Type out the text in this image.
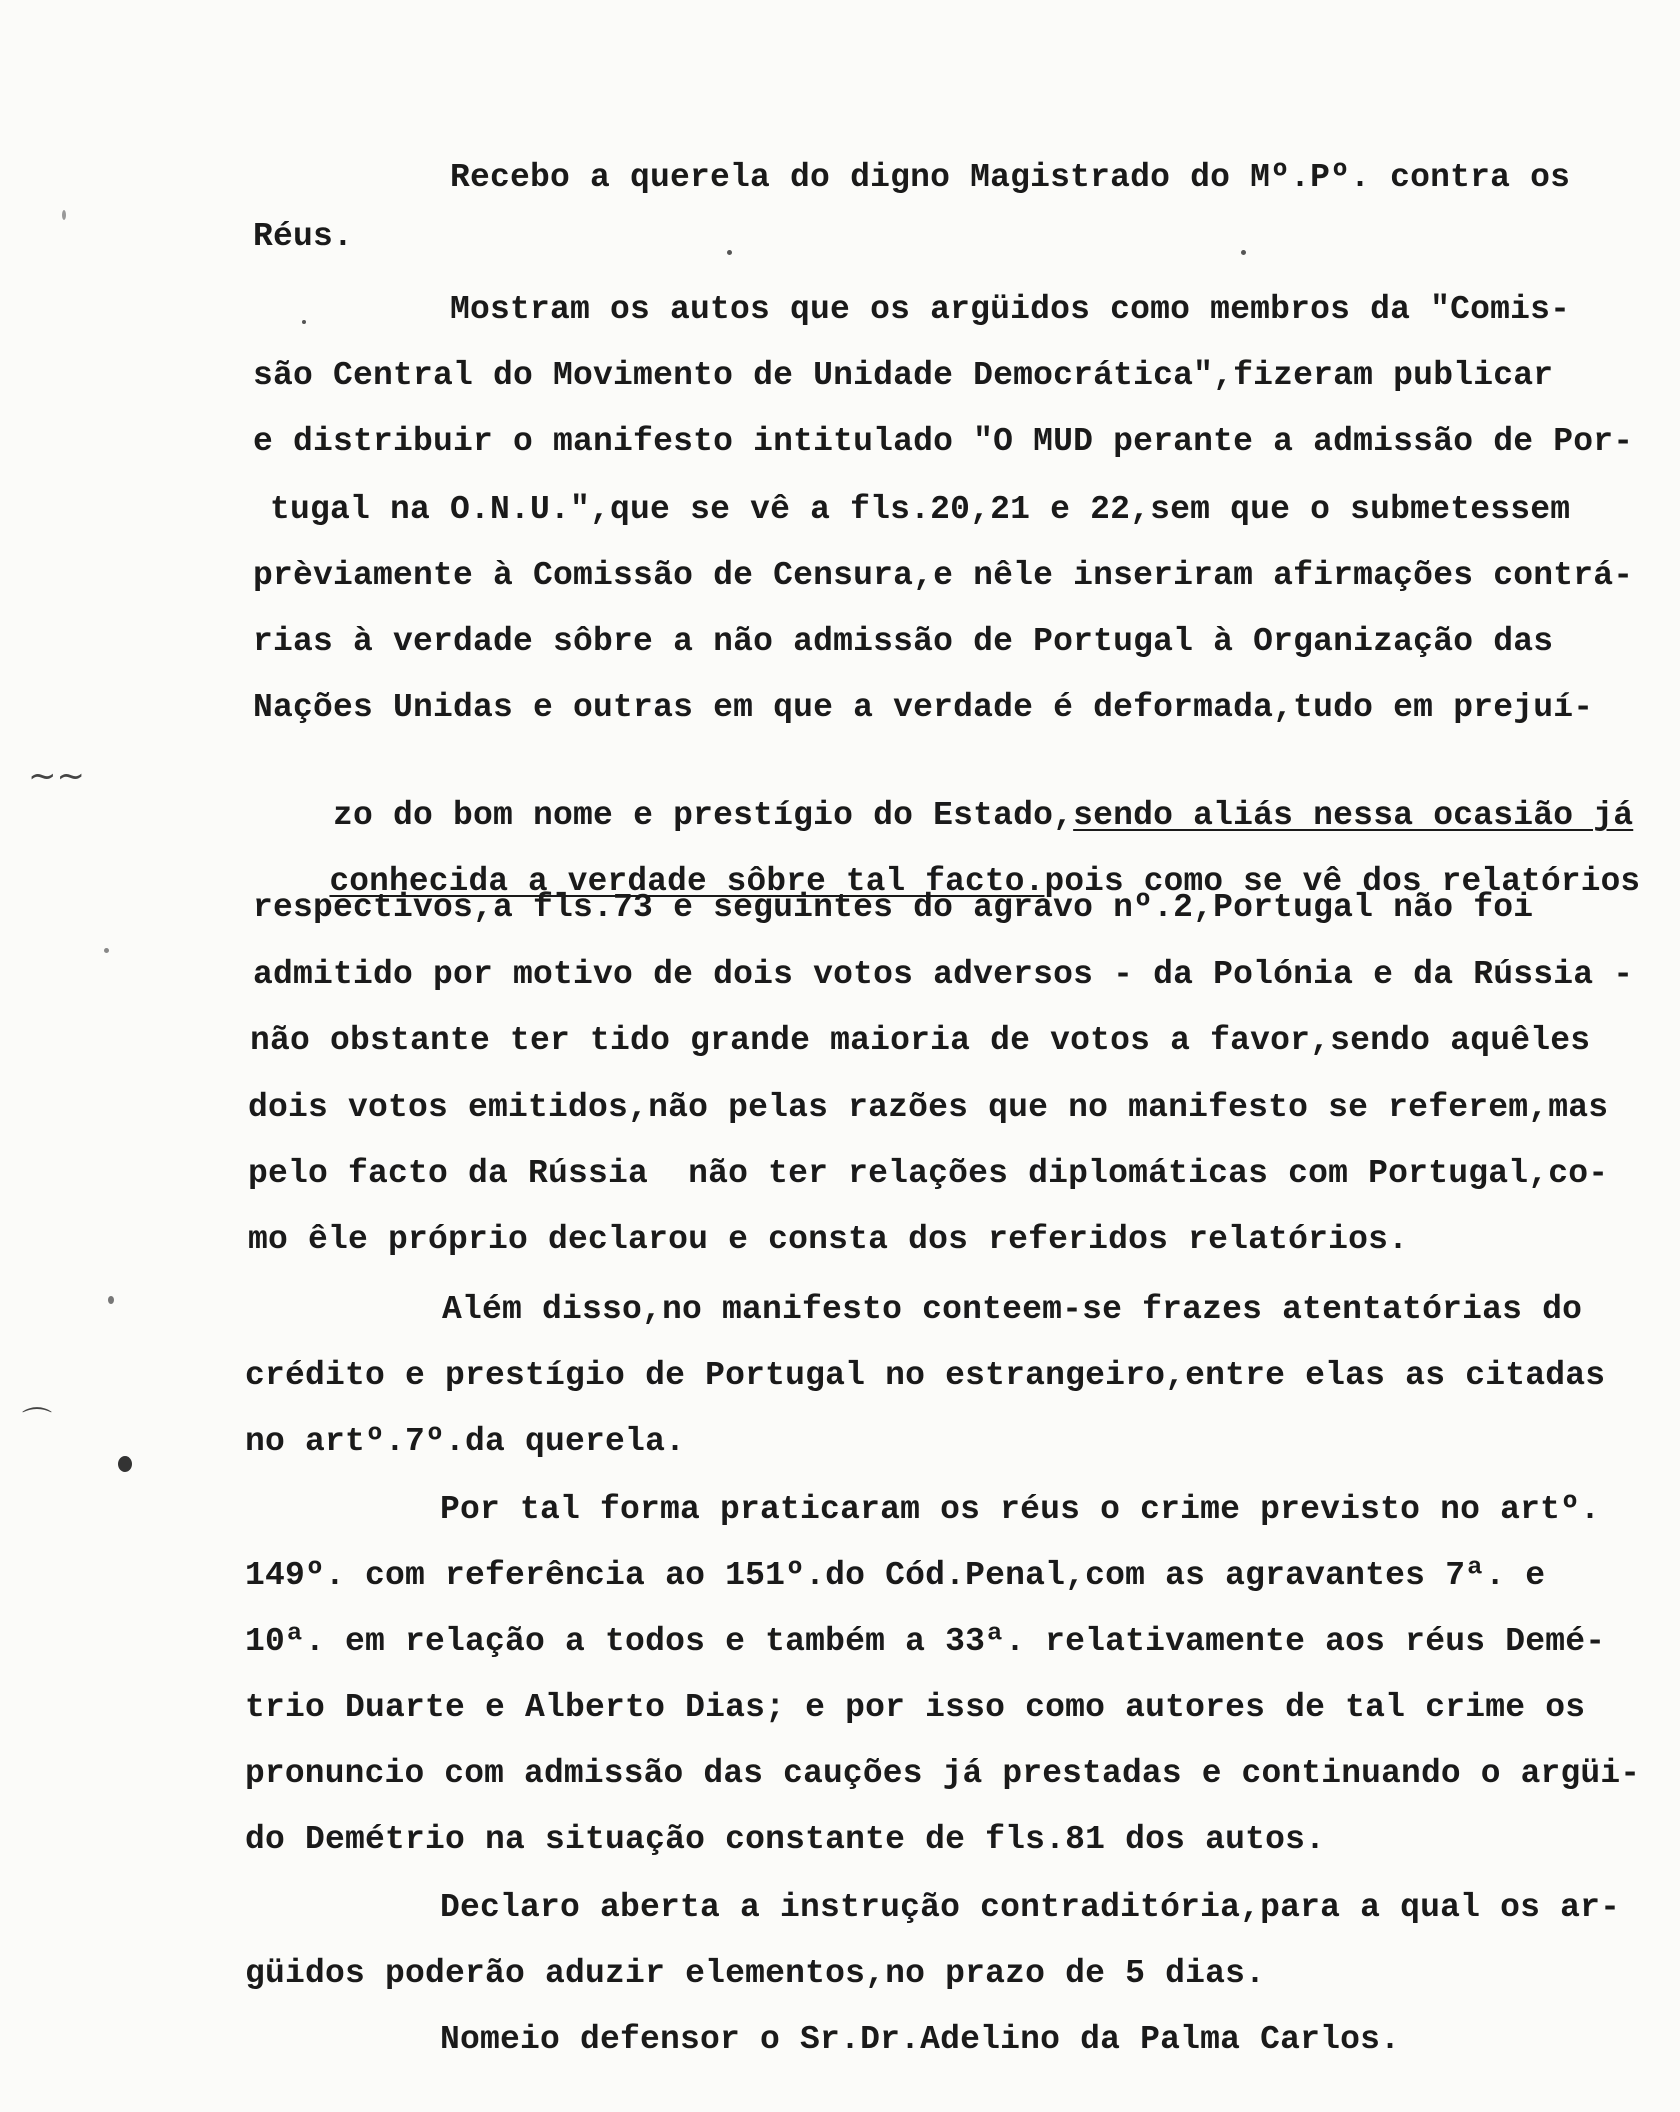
Recebo a querela do digno Magistrado do Mº.Pº. contra os
Réus.
Mostram os autos que os argüidos como membros da "Comis-
são Central do Movimento de Unidade Democrática",fizeram publicar
e distribuir o manifesto intitulado "O MUD perante a admissão de Por-
tugal na O.N.U.",que se vê a fls.20,21 e 22,sem que o submetessem
prèviamente à Comissão de Censura,e nêle inseriram afirmações contrá-
rias à verdade sôbre a não admissão de Portugal à Organização das
Nações Unidas e outras em que a verdade é deformada,tudo em prejuí-

zo do bom nome e prestígio do Estado,sendo aliás nessa ocasião já

conhecida a verdade sôbre tal facto.pois como se vê dos relatórios

respectivos,a fls.73 e seguintes do agravo nº.2,Portugal não foi
admitido por motivo de dois votos adversos - da Polónia e da Rússia -
não obstante ter tido grande maioria de votos a favor,sendo aquêles
dois votos emitidos,não pelas razões que no manifesto se referem,mas
pelo facto da Rússia  não ter relações diplomáticas com Portugal,co-
mo êle próprio declarou e consta dos referidos relatórios.
Além disso,no manifesto conteem-se frazes atentatórias do
crédito e prestígio de Portugal no estrangeiro,entre elas as citadas
no artº.7º.da querela.
Por tal forma praticaram os réus o crime previsto no artº.
149º. com referência ao 151º.do Cód.Penal,com as agravantes 7ª. e
10ª. em relação a todos e também a 33ª. relativamente aos réus Demé-
trio Duarte e Alberto Dias; e por isso como autores de tal crime os
pronuncio com admissão das cauções já prestadas e continuando o argüi-
do Demétrio na situação constante de fls.81 dos autos.
Declaro aberta a instrução contraditória,para a qual os ar-
güidos poderão aduzir elementos,no prazo de 5 dias.
Nomeio defensor o Sr.Dr.Adelino da Palma Carlos.
~~
⌒
